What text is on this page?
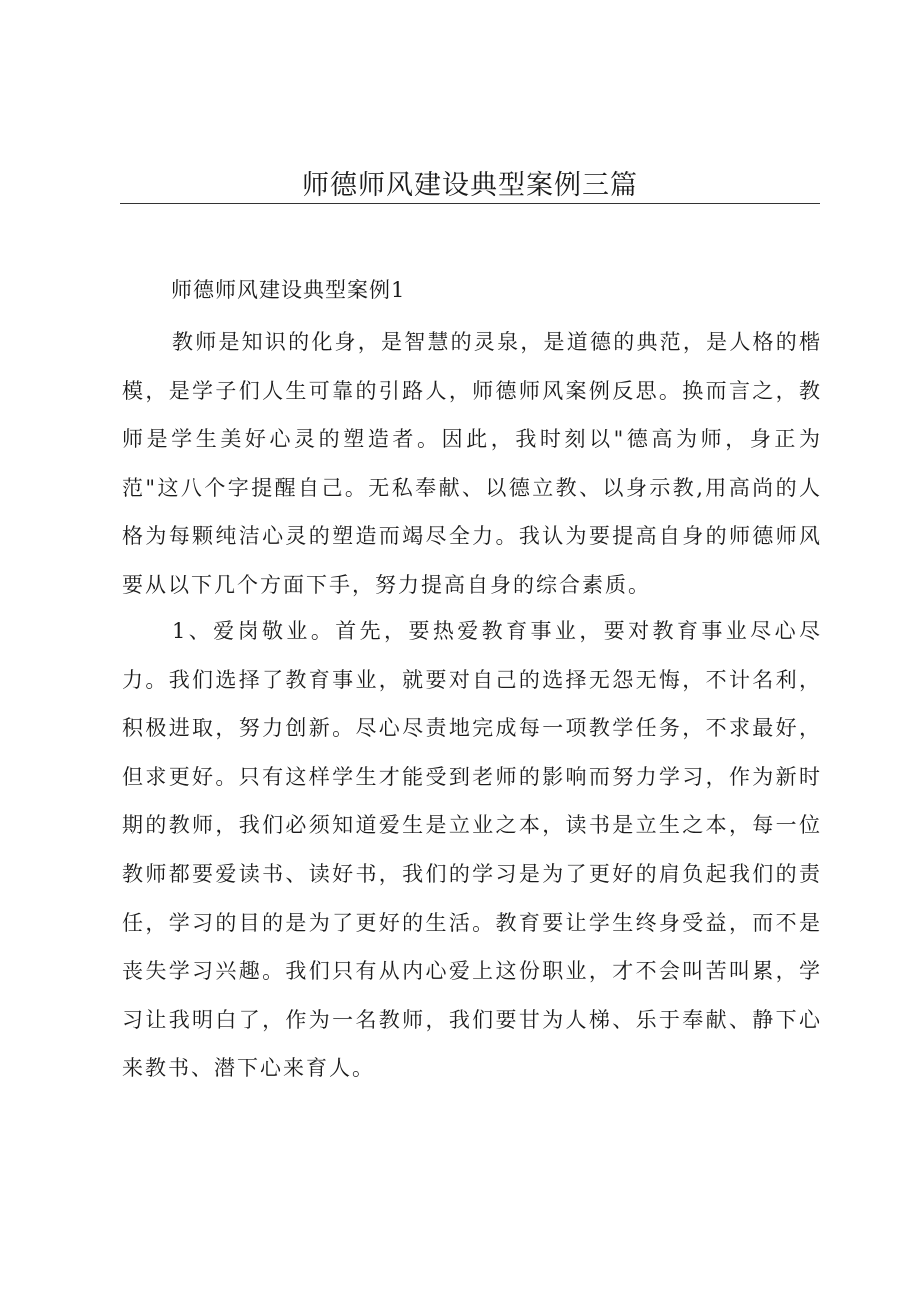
师德师风建设典型案例三篇
师德师风建设典型案例1

教师是知识的化身，是智慧的灵泉，是道德的典范，是人格的楷模，是学子们人生可靠的引路人，师德师风案例反思。换而言之，教师是学生美好心灵的塑造者。因此，我时刻以"德高为师，身正为范"这八个字提醒自己。无私奉献、以德立教、以身示教,用高尚的人格为每颗纯洁心灵的塑造而竭尽全力。我认为要提高自身的师德师风要从以下几个方面下手，努力提高自身的综合素质。

1、爱岗敬业。首先，要热爱教育事业，要对教育事业尽心尽力。我们选择了教育事业，就要对自己的选择无怨无悔，不计名利，积极进取，努力创新。尽心尽责地完成每一项教学任务，不求最好，但求更好。只有这样学生才能受到老师的影响而努力学习，作为新时期的教师，我们必须知道爱生是立业之本，读书是立生之本，每一位教师都要爱读书、读好书，我们的学习是为了更好的肩负起我们的责任，学习的目的是为了更好的生活。教育要让学生终身受益，而不是丧失学习兴趣。我们只有从内心爱上这份职业，才不会叫苦叫累，学习让我明白了，作为一名教师，我们要甘为人梯、乐于奉献、静下心来教书、潜下心来育人。
